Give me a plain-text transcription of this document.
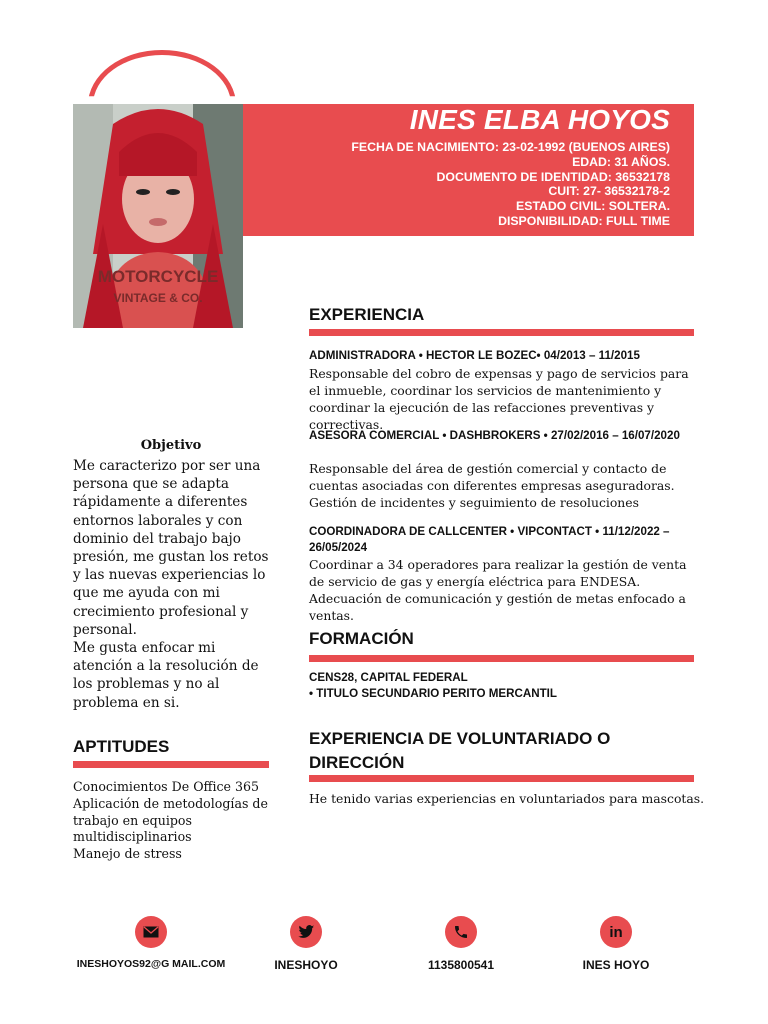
MOTORCYCLE
VINTAGE & CO.
INES ELBA HOYOS
FECHA DE NACIMIENTO: 23-02-1992 (BUENOS AIRES)
EDAD: 31 AÑOS.
DOCUMENTO DE IDENTIDAD: 36532178
CUIT: 27- 36532178-2
ESTADO CIVIL: SOLTERA.
DISPONIBILIDAD: FULL TIME
Objetivo
Me caracterizo por ser una persona que se adapta rápidamente a diferentes entornos laborales y con dominio del trabajo bajo presión, me gustan los retos y las nuevas experiencias lo que me ayuda con mi crecimiento profesional y personal.
Me gusta enfocar mi atención a la resolución de los problemas y no al problema en si.
APTITUDES
Conocimientos De Office 365
Aplicación de metodologías de trabajo en equipos multidisciplinarios
Manejo de stress
EXPERIENCIA
ADMINISTRADORA • HECTOR LE BOZEC• 04/2013 – 11/2015
Responsable del cobro de expensas y pago de servicios para el inmueble, coordinar los servicios de mantenimiento y coordinar la ejecución de las refacciones preventivas y correctivas.
ASESORA COMERCIAL • DASHBROKERS • 27/02/2016 – 16/07/2020
Responsable del área de gestión comercial y contacto de cuentas asociadas con diferentes empresas aseguradoras. Gestión de incidentes y seguimiento de resoluciones
COORDINADORA DE CALLCENTER • VIPCONTACT • 11/12/2022 – 26/05/2024
Coordinar a 34 operadores para realizar la gestión de venta de servicio de gas y energía eléctrica para ENDESA. Adecuación de comunicación y gestión de metas enfocado a ventas.
FORMACIÓN
CENS28, CAPITAL FEDERAL
• TITULO SECUNDARIO PERITO MERCANTIL
EXPERIENCIA DE VOLUNTARIADO O DIRECCIÓN
He tenido varias experiencias en voluntariados para mascotas.
INESHOYOS92@G MAIL.COM	INESHOYO	1135800541
in
INES HOYO
